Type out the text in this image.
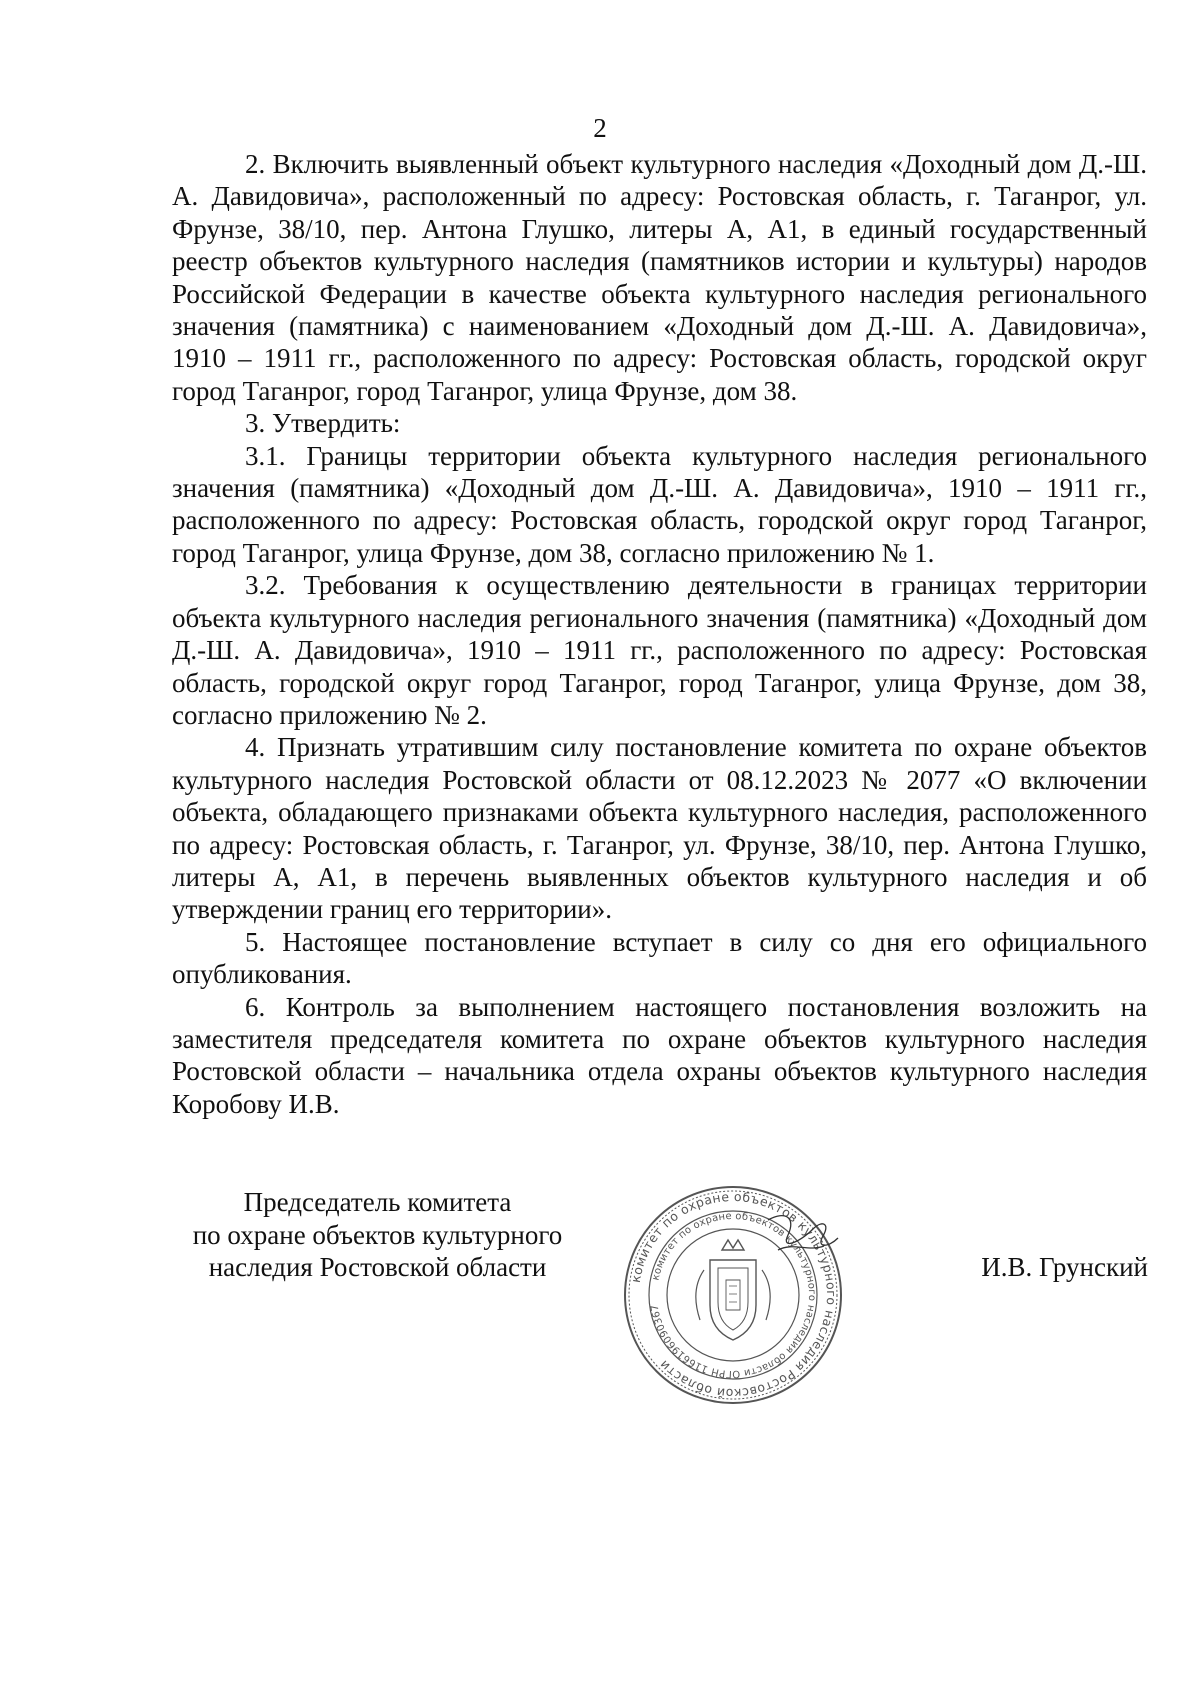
2

2. Включить выявленный объект культурного наследия «Доходный дом Д.-Ш. А. Давидовича», расположенный по адресу: Ростовская область, г. Таганрог, ул. Фрунзе, 38/10, пер. Антона Глушко, литеры А, А1, в единый государственный реестр объектов культурного наследия (памятников истории и культуры) народов Российской Федерации в качестве объекта культурного наследия регионального значения (памятника) с наименованием «Доходный дом Д.-Ш. А. Давидовича», 1910 – 1911 гг., расположенного по адресу: Ростовская область, городской округ город Таганрог, город Таганрог, улица Фрунзе, дом 38.

3. Утвердить:

3.1. Границы территории объекта культурного наследия регионального значения (памятника) «Доходный дом Д.-Ш. А. Давидовича», 1910 – 1911 гг., расположенного по адресу: Ростовская область, городской округ город Таганрог, город Таганрог, улица Фрунзе, дом 38, согласно приложению № 1.

3.2. Требования к осуществлению деятельности в границах территории объекта культурного наследия регионального значения (памятника) «Доходный дом Д.-Ш. А. Давидовича», 1910 – 1911 гг., расположенного по адресу: Ростовская область, городской округ город Таганрог, город Таганрог, улица Фрунзе, дом 38, согласно приложению № 2.

4. Признать утратившим силу постановление комитета по охране объектов культурного наследия Ростовской области от 08.12.2023 № 2077 «О включении объекта, обладающего признаками объекта культурного наследия, расположенного по адресу: Ростовская область, г. Таганрог, ул. Фрунзе, 38/10, пер. Антона Глушко, литеры А, А1, в перечень выявленных объектов культурного наследия и об утверждении границ его территории».

5. Настоящее постановление вступает в силу со дня его официального опубликования.

6. Контроль за выполнением настоящего постановления возложить на заместителя председателя комитета по охране объектов культурного наследия Ростовской области – начальника отдела охраны объектов культурного наследия Коробову И.В.

Председатель комитета
по охране объектов культурного
наследия Ростовской области	комитет по охране объектов культурного наследия Ростовской области
комитет по охране объектов культурного наследия области ОГРН 1166196090367
И.В. Грунский
